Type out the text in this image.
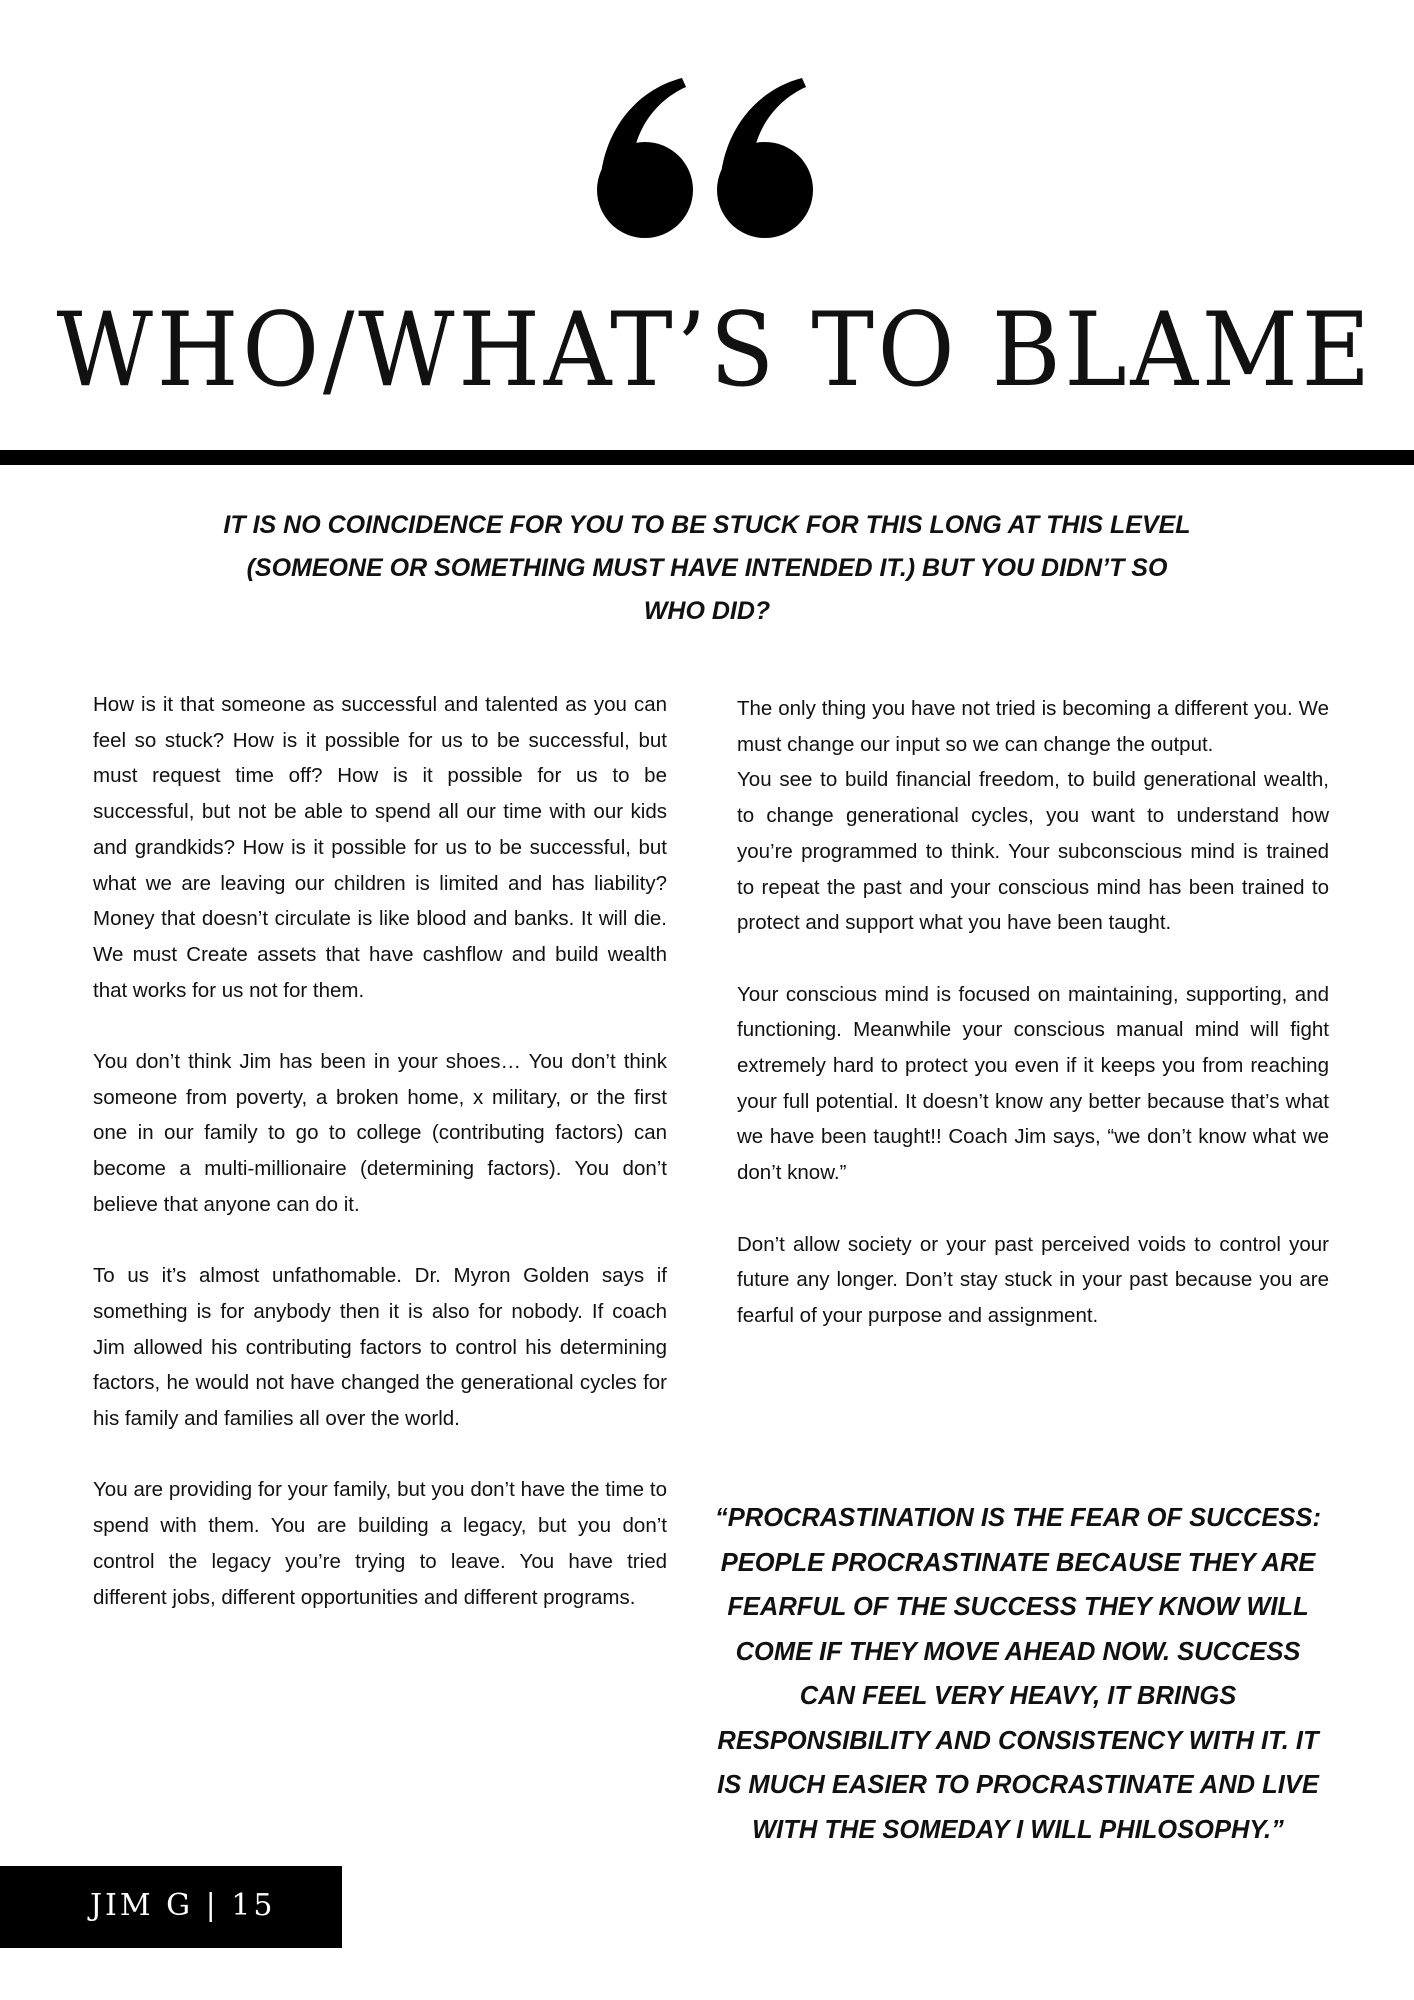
WHO/WHAT’S TO BLAME

IT IS NO COINCIDENCE FOR YOU TO BE STUCK FOR THIS LONG AT THIS LEVEL (SOMEONE OR SOMETHING MUST HAVE INTENDED IT.) BUT YOU DIDN’T SO WHO DID?

How is it that someone as successful and talented as you can feel so stuck? How is it possible for us to be successful, but must request time off? How is it possible for us to be successful, but not be able to spend all our time with our kids and grandkids? How is it possible for us to be successful, but what we are leaving our children is limited and has liability? Money that doesn’t circulate is like blood and banks. It will die. We must Create assets that have cashflow and build wealth that works for us not for them.

You don’t think Jim has been in your shoes… You don’t think someone from poverty, a broken home, x military, or the first one in our family to go to college (contributing factors) can become a multi-millionaire (determining factors). You don’t believe that anyone can do it.

To us it’s almost unfathomable. Dr. Myron Golden says if something is for anybody then it is also for nobody. If coach Jim allowed his contributing factors to control his determining factors, he would not have changed the generational cycles for his family and families all over the world.

You are providing for your family, but you don’t have the time to spend with them. You are building a legacy, but you don’t control the legacy you’re trying to leave. You have tried different jobs, different opportunities and different programs.

The only thing you have not tried is becoming a different you. We must change our input so we can change the output.

You see to build financial freedom, to build generational wealth, to change generational cycles, you want to understand how you’re programmed to think. Your subconscious mind is trained to repeat the past and your conscious mind has been trained to protect and support what you have been taught.

Your conscious mind is focused on maintaining, supporting, and functioning. Meanwhile your conscious manual mind will fight extremely hard to protect you even if it keeps you from reaching your full potential. It doesn’t know any better because that’s what we have been taught!! Coach Jim says, “we don’t know what we don’t know.”

Don’t allow society or your past perceived voids to control your future any longer. Don’t stay stuck in your past because you are fearful of your purpose and assignment.

“PROCRASTINATION IS THE FEAR OF SUCCESS: PEOPLE PROCRASTINATE BECAUSE THEY ARE FEARFUL OF THE SUCCESS THEY KNOW WILL COME IF THEY MOVE AHEAD NOW. SUCCESS CAN FEEL VERY HEAVY, IT BRINGS RESPONSIBILITY AND CONSISTENCY WITH IT. IT IS MUCH EASIER TO PROCRASTINATE AND LIVE WITH THE SOMEDAY I WILL PHILOSOPHY.”

JIM G | 15
